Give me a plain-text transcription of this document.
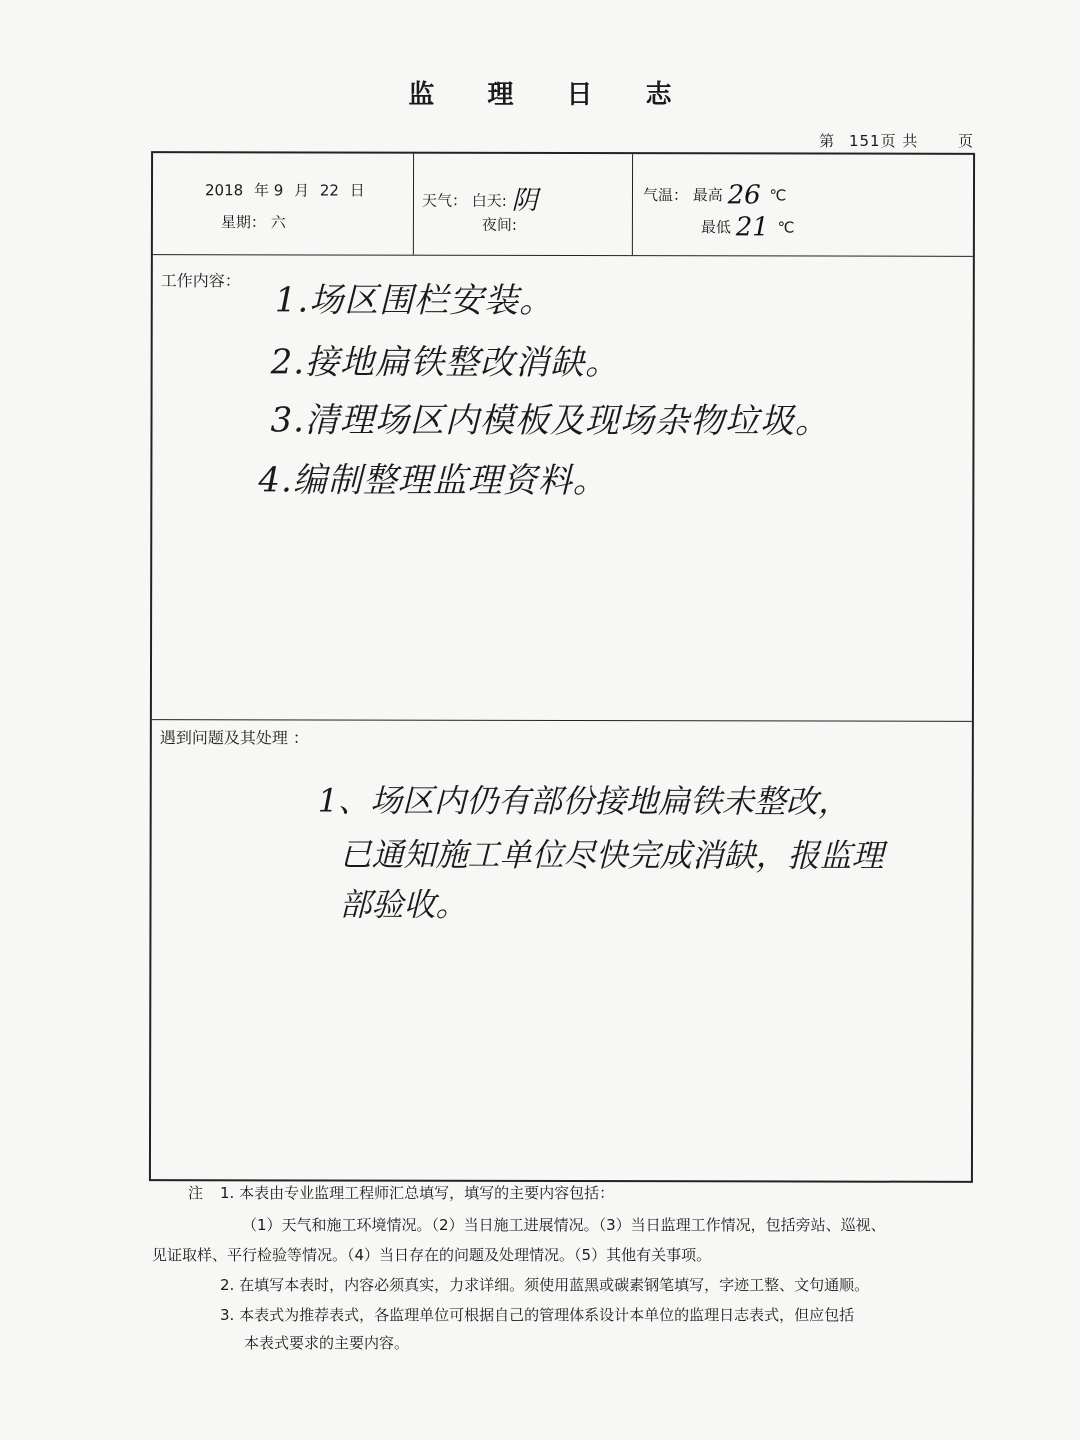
监 理 日 志
第 151页 共	页
2018 年 9 月 22 日
星期： 六
天气： 白天: 阴
夜间:
气温： 最高 26 ℃
最低 21 ℃
工作内容： 1.场区围栏安装。
2.接地扁铁整改消缺。
3.清理场区内模板及现场杂物垃圾。
4.编制整理监理资料。
遇到问题及其处理 ：
1、场区内仍有部份接地扁铁未整改，
已通知施工单位尽快完成消缺，报监理
部验收。
注 1. 本表由专业监理工程师汇总填写，填写的主要内容包括：
（1）天气和施工环境情况。（2）当日施工进展情况。（3）当日监理工作情况，包括旁站、巡视、
见证取样、平行检验等情况。（4）当日存在的问题及处理情况。（5）其他有关事项。
2. 在填写本表时，内容必须真实，力求详细。须使用蓝黑或碳素钢笔填写，字迹工整、文句通顺。
3. 本表式为推荐表式，各监理单位可根据自己的管理体系设计本单位的监理日志表式，但应包括
本表式要求的主要内容。
